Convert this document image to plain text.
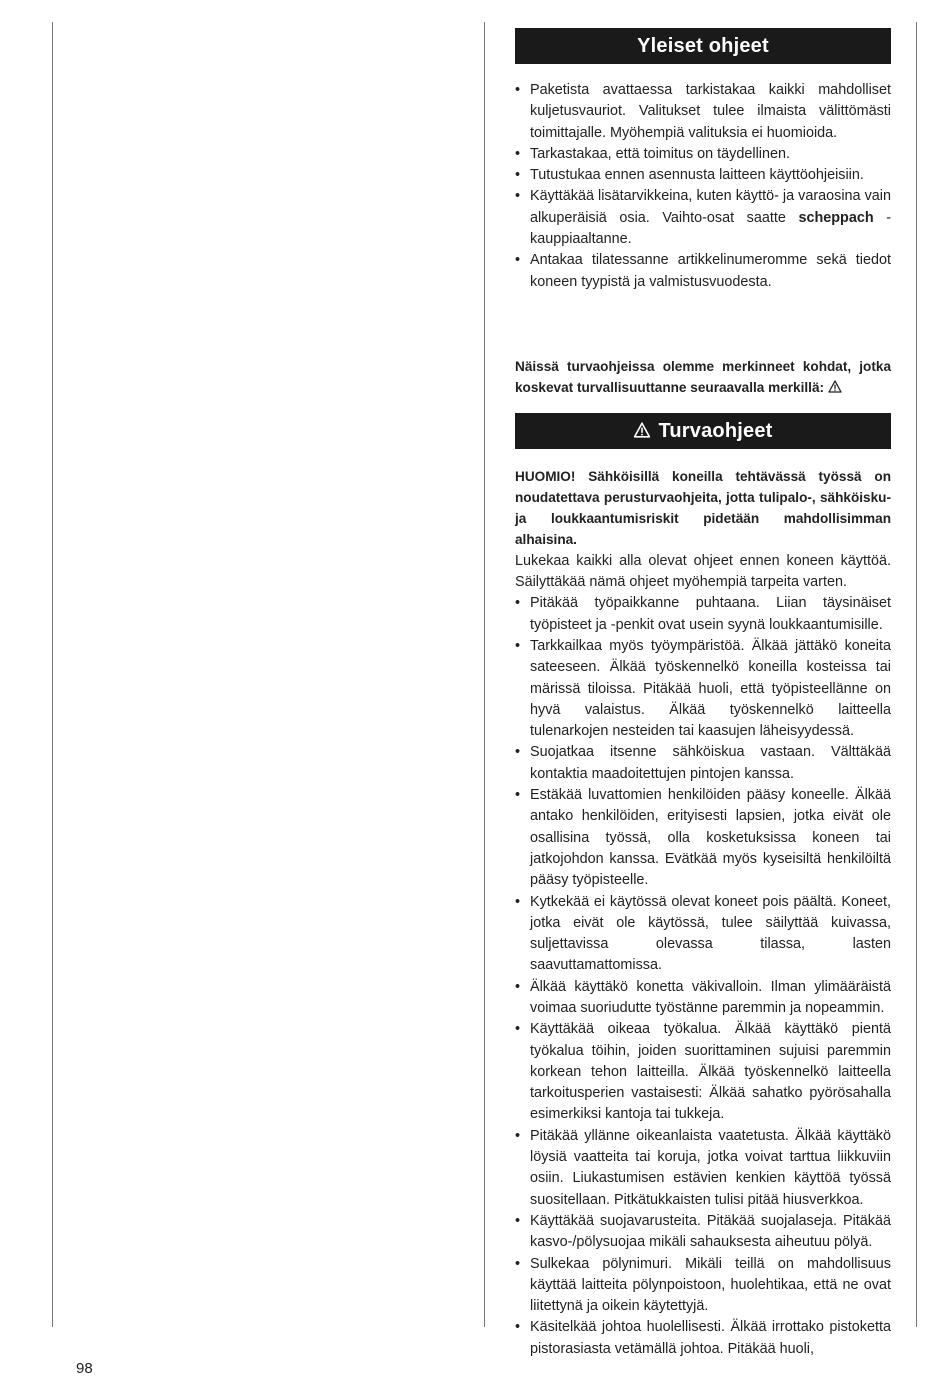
Yleiset ohjeet
• Paketista avattaessa tarkistakaa kaikki mahdolliset kuljetusvauriot. Valitukset tulee ilmaista välittömästi toimittajalle. Myöhempiä valituksia ei huomioida.
• Tarkastakaa, että toimitus on täydellinen.
• Tutustukaa ennen asennusta laitteen käyttöohjeisiin.
• Käyttäkää lisätarvikkeina, kuten käyttö- ja varaosina vain alkuperäisiä osia. Vaihto-osat saatte scheppach -kauppiaaltanne.
• Antakaa tilatessanne artikkelinumeromme sekä tiedot koneen tyypistä ja valmistusvuodesta.

Näissä turvaohjeissa olemme merkinneet kohdat, jotka koskevat turvallisuuttanne seuraavalla merkillä:

Turvaohjeet

HUOMIO! Sähköisillä koneilla tehtävässä työssä on noudatettava perusturvaohjeita, jotta tulipalo-, sähköisku- ja loukkaantumisriskit pidetään mahdollisimman alhaisina.

Lukekaa kaikki alla olevat ohjeet ennen koneen käyttöä. Säilyttäkää nämä ohjeet myöhempiä tarpeita varten.

• Pitäkää työpaikkanne puhtaana. Liian täysinäiset työpisteet ja -penkit ovat usein syynä loukkaantumisille.
• Tarkkailkaa myös työympäristöä. Älkää jättäkö koneita sateeseen. Älkää työskennelkö koneilla kosteissa tai märissä tiloissa. Pitäkää huoli, että työpisteellänne on hyvä valaistus. Älkää työskennelkö laitteella tulenarkojen nesteiden tai kaasujen läheisyydessä.
• Suojatkaa itsenne sähköiskua vastaan. Välttäkää kontaktia maadoitettujen pintojen kanssa.
• Estäkää luvattomien henkilöiden pääsy koneelle. Älkää antako henkilöiden, erityisesti lapsien, jotka eivät ole osallisina työssä, olla kosketuksissa koneen tai jatkojohdon kanssa. Evätkää myös kyseisiltä henkilöiltä pääsy työpisteelle.
• Kytkekää ei käytössä olevat koneet pois päältä. Koneet, jotka eivät ole käytössä, tulee säilyttää kuivassa, suljettavissa olevassa tilassa, lasten saavuttamattomissa.
• Älkää käyttäkö konetta väkivalloin. Ilman ylimääräistä voimaa suoriudutte työstänne paremmin ja nopeammin.
• Käyttäkää oikeaa työkalua. Älkää käyttäkö pientä työkalua töihin, joiden suorittaminen sujuisi paremmin korkean tehon laitteilla. Älkää työskennelkö laitteella tarkoitusperien vastaisesti: Älkää sahatko pyörösahalla esimerkiksi kantoja tai tukkeja.
• Pitäkää yllänne oikeanlaista vaatetusta. Älkää käyttäkö löysiä vaatteita tai koruja, jotka voivat tarttua liikkuviin osiin. Liukastumisen estävien kenkien käyttöä työssä suositellaan. Pitkätukkaisten tulisi pitää hiusverkkoa.
• Käyttäkää suojavarusteita. Pitäkää suojalaseja. Pitäkää kasvo-/pölysuojaa mikäli sahauksesta aiheutuu pölyä.
• Sulkekaa pölynimuri. Mikäli teillä on mahdollisuus käyttää laitteita pölynpoistoon, huolehtikaa, että ne ovat liitettynä ja oikein käytettyjä.
• Käsitelkää johtoa huolellisesti. Älkää irrottako pistoketta pistorasiasta vetämällä johtoa. Pitäkää huoli,
98
